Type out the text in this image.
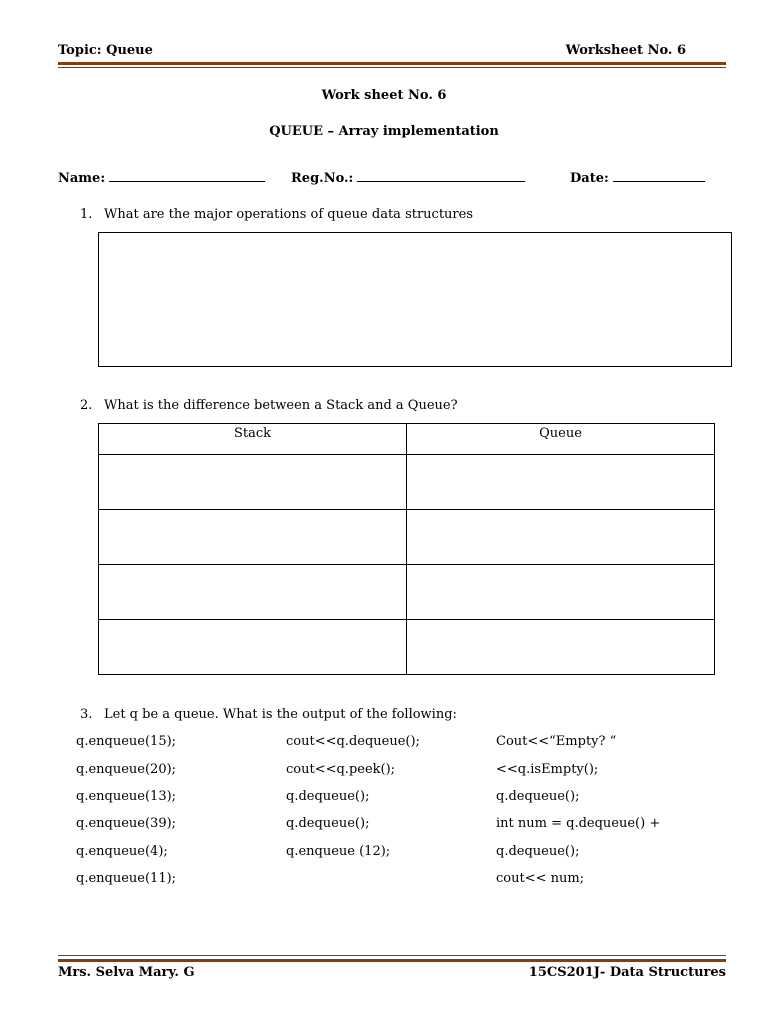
Topic: Queue	Worksheet No. 6
Work sheet No. 6
QUEUE – Array implementation
Name:	Reg.No.:	Date:
1. What are the major operations of queue data structures
2. What is the difference between a Stack and a Queue?
Stack	Queue

3. Let q be a queue. What is the output of the following:
q.enqueue(15);
q.enqueue(20);
q.enqueue(13);
q.enqueue(39);
q.enqueue(4);
q.enqueue(11);
cout<<q.dequeue();
cout<<q.peek();
q.dequeue();
q.dequeue();
q.enqueue (12);
Cout<<“Empty? “
<<q.isEmpty();
q.dequeue();
int num = q.dequeue() +
q.dequeue();
cout<< num;
Mrs. Selva Mary. G	15CS201J- Data Structures
